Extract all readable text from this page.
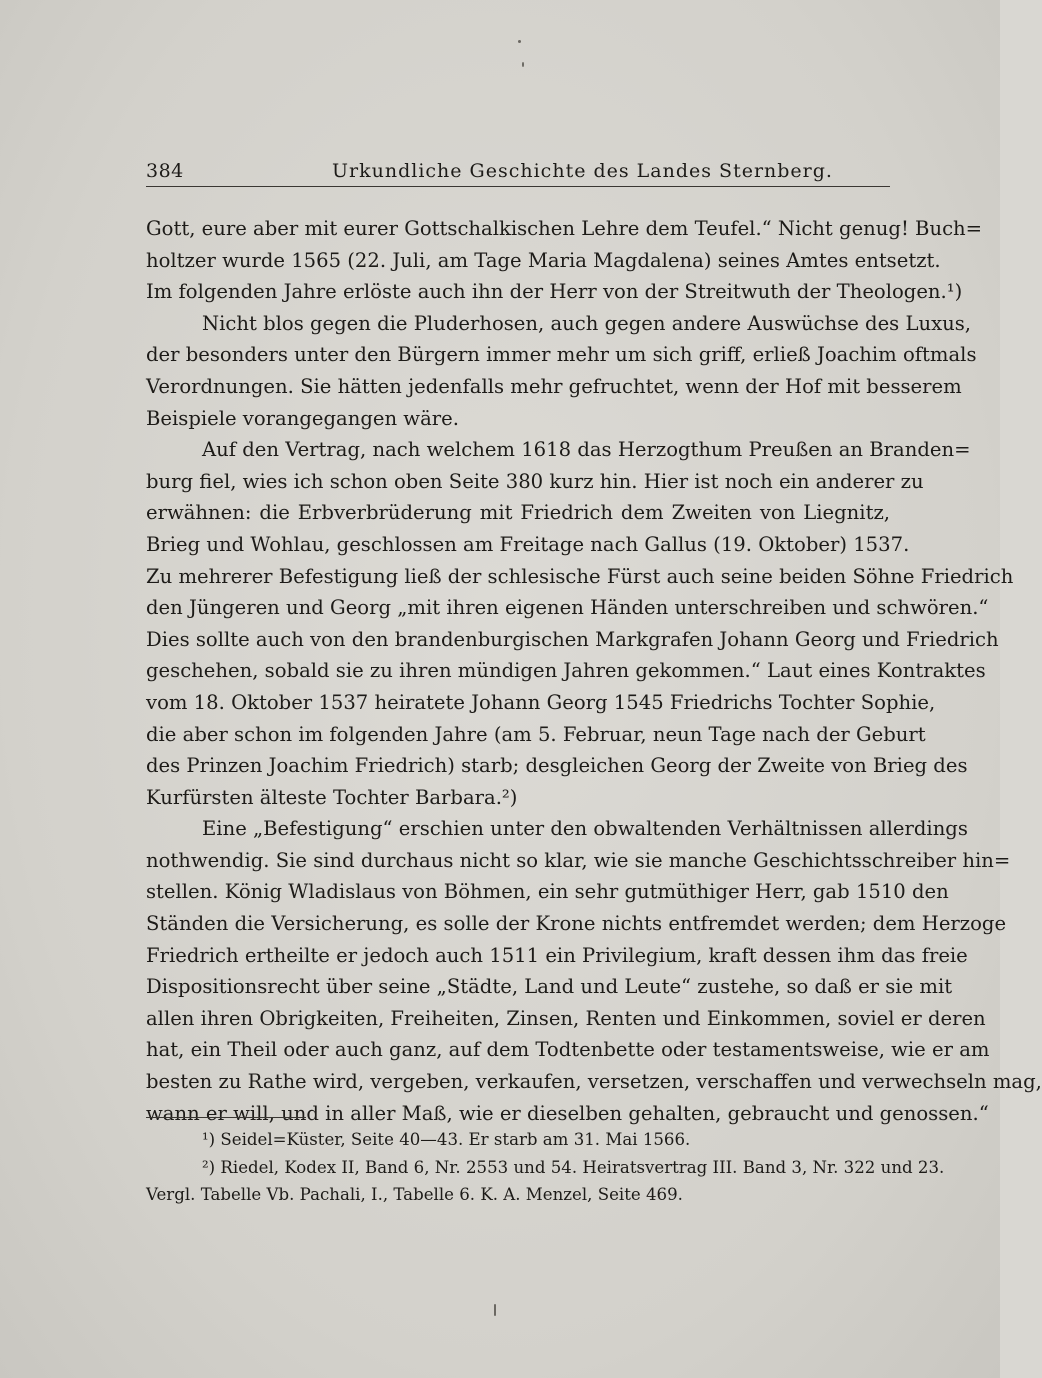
384	Urkundliche Geschichte des Landes Sternberg.
Gott, eure aber mit eurer Gottschalkischen Lehre dem Teufel.“ Nicht genug! Buch=
holtzer wurde 1565 (22. Juli, am Tage Maria Magdalena) seines Amtes entsetzt.
Im folgenden Jahre erlöste auch ihn der Herr von der Streitwuth der Theologen.¹)
Nicht blos gegen die Pluderhosen, auch gegen andere Auswüchse des Luxus,
der besonders unter den Bürgern immer mehr um sich griff, erließ Joachim oftmals
Verordnungen. Sie hätten jedenfalls mehr gefruchtet, wenn der Hof mit besserem
Beispiele vorangegangen wäre.
Auf den Vertrag, nach welchem 1618 das Herzogthum Preußen an Branden=
burg fiel, wies ich schon oben Seite 380 kurz hin. Hier ist noch ein anderer zu
erwähnen: die Erbverbrüderung mit Friedrich dem Zweiten von Liegnitz,
Brieg und Wohlau, geschlossen am Freitage nach Gallus (19. Oktober) 1537.
Zu mehrerer Befestigung ließ der schlesische Fürst auch seine beiden Söhne Friedrich
den Jüngeren und Georg „mit ihren eigenen Händen unterschreiben und schwören.“
Dies sollte auch von den brandenburgischen Markgrafen Johann Georg und Friedrich
geschehen, sobald sie zu ihren mündigen Jahren gekommen.“ Laut eines Kontraktes
vom 18. Oktober 1537 heiratete Johann Georg 1545 Friedrichs Tochter Sophie,
die aber schon im folgenden Jahre (am 5. Februar, neun Tage nach der Geburt
des Prinzen Joachim Friedrich) starb; desgleichen Georg der Zweite von Brieg des
Kurfürsten älteste Tochter Barbara.²)
Eine „Befestigung“ erschien unter den obwaltenden Verhältnissen allerdings
nothwendig. Sie sind durchaus nicht so klar, wie sie manche Geschichtsschreiber hin=
stellen. König Wladislaus von Böhmen, ein sehr gutmüthiger Herr, gab 1510 den
Ständen die Versicherung, es solle der Krone nichts entfremdet werden; dem Herzoge
Friedrich ertheilte er jedoch auch 1511 ein Privilegium, kraft dessen ihm das freie
Dispositionsrecht über seine „Städte, Land und Leute“ zustehe, so daß er sie mit
allen ihren Obrigkeiten, Freiheiten, Zinsen, Renten und Einkommen, soviel er deren
hat, ein Theil oder auch ganz, auf dem Todtenbette oder testamentsweise, wie er am
besten zu Rathe wird, vergeben, verkaufen, versetzen, verschaffen und verwechseln mag,
wann er will, und in aller Maß, wie er dieselben gehalten, gebraucht und genossen.“
¹) Seidel=Küster, Seite 40—43. Er starb am 31. Mai 1566.
²) Riedel, Kodex II, Band 6, Nr. 2553 und 54. Heiratsvertrag III. Band 3, Nr. 322 und 23.
Vergl. Tabelle Vb. Pachali, I., Tabelle 6. K. A. Menzel, Seite 469.
